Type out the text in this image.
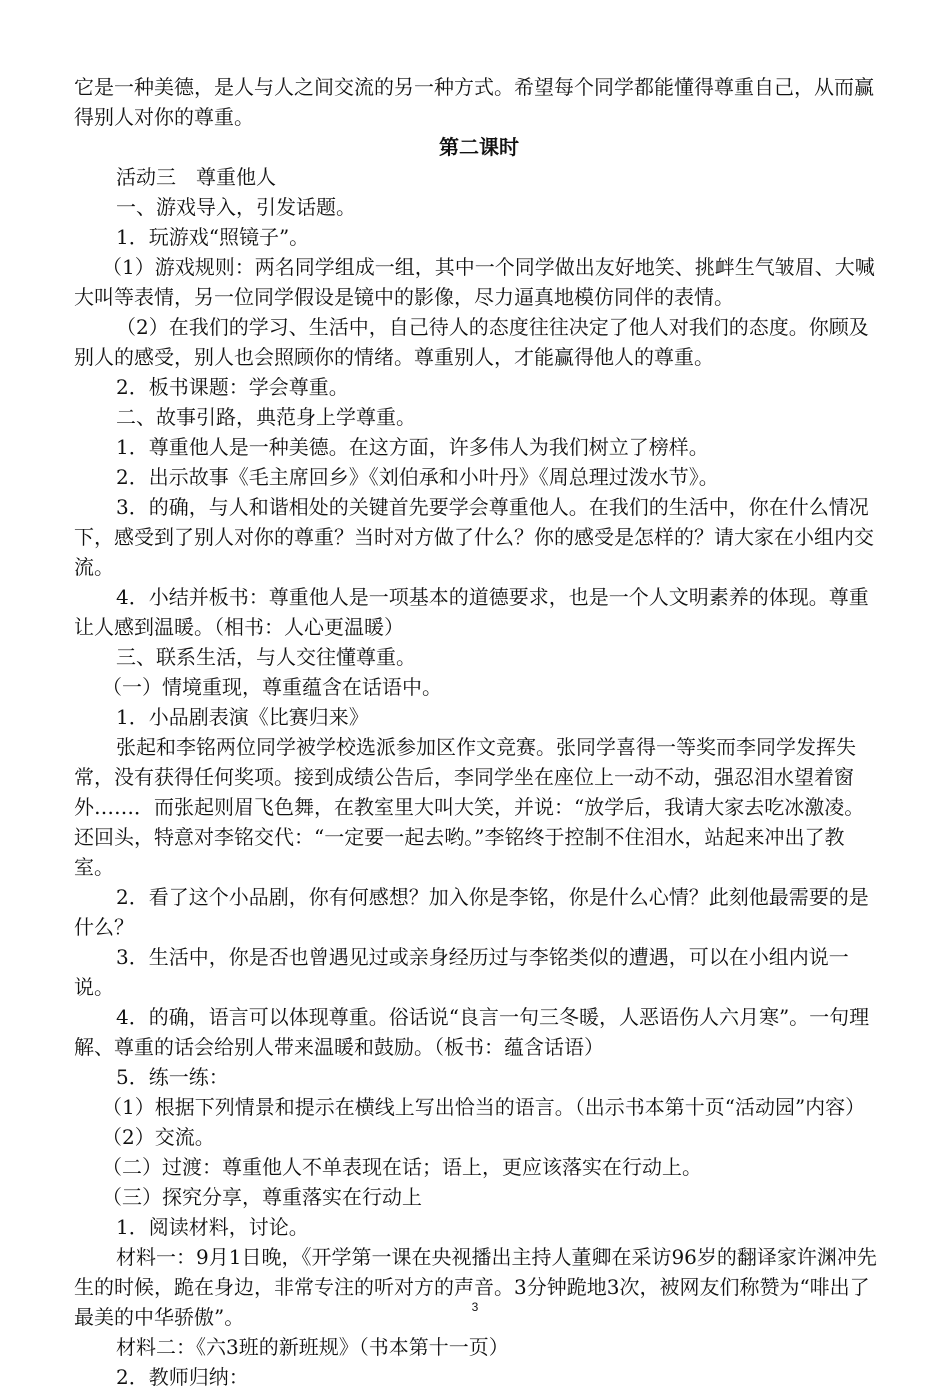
它是一种美德，是人与人之间交流的另一种方式。希望每个同学都能懂得尊重自己，从而赢得别人对你的尊重。

第二课时

活动三　尊重他人

一、游戏导入，引发话题。

1．玩游戏“照镜子”。

（1）游戏规则：两名同学组成一组，其中一个同学做出友好地笑、挑衅生气皱眉、大喊大叫等表情，另一位同学假设是镜中的影像，尽力逼真地模仿同伴的表情。

（2）在我们的学习、生活中，自己待人的态度往往决定了他人对我们的态度。你顾及别人的感受，别人也会照顾你的情绪。尊重别人，才能赢得他人的尊重。

2．板书课题：学会尊重。

二、故事引路，典范身上学尊重。

1．尊重他人是一种美德。在这方面，许多伟人为我们树立了榜样。

2．出示故事《毛主席回乡》《刘伯承和小叶丹》《周总理过泼水节》。

3．的确，与人和谐相处的关键首先要学会尊重他人。在我们的生活中，你在什么情况下，感受到了别人对你的尊重？当时对方做了什么？你的感受是怎样的？请大家在小组内交流。

4．小结并板书：尊重他人是一项基本的道德要求，也是一个人文明素养的体现。尊重让人感到温暖。（相书：人心更温暖）

三、联系生活，与人交往懂尊重。

（一）情境重现，尊重蕴含在话语中。

1．小品剧表演《比赛归来》

张起和李铭两位同学被学校选派参加区作文竞赛。张同学喜得一等奖而李同学发挥失常，没有获得任何奖项。接到成绩公告后，李同学坐在座位上一动不动，强忍泪水望着窗外……．而张起则眉飞色舞，在教室里大叫大笑，并说：“放学后，我请大家去吃冰激凌。还回头，特意对李铭交代：“一定要一起去哟。”李铭终于控制不住泪水，站起来冲出了教室。

2．看了这个小品剧，你有何感想？加入你是李铭，你是什么心情？此刻他最需要的是什么？

3．生活中，你是否也曾遇见过或亲身经历过与李铭类似的遭遇，可以在小组内说一说。

4．的确，语言可以体现尊重。俗话说“良言一句三冬暖，人恶语伤人六月寒”。一句理解、尊重的话会给别人带来温暖和鼓励。（板书：蕴含话语）

5．练一练：

（1）根据下列情景和提示在横线上写出恰当的语言。（出示书本第十页“活动园”内容）

（2）交流。

（二）过渡：尊重他人不单表现在话；语上，更应该落实在行动上。

（三）探究分享，尊重落实在行动上

1．阅读材料，讨论。

材料一：9月1日晚，《开学第一课在央视播出主持人董卿在采访96岁的翻译家许渊冲先生的时候，跪在身边，非常专注的听对方的声音。3分钟跪地3次，被网友们称赞为“啡出了最美的中华骄傲”。

材料二：《六3班的新班规》（书本第十一页）

2．教师归纳：

3
